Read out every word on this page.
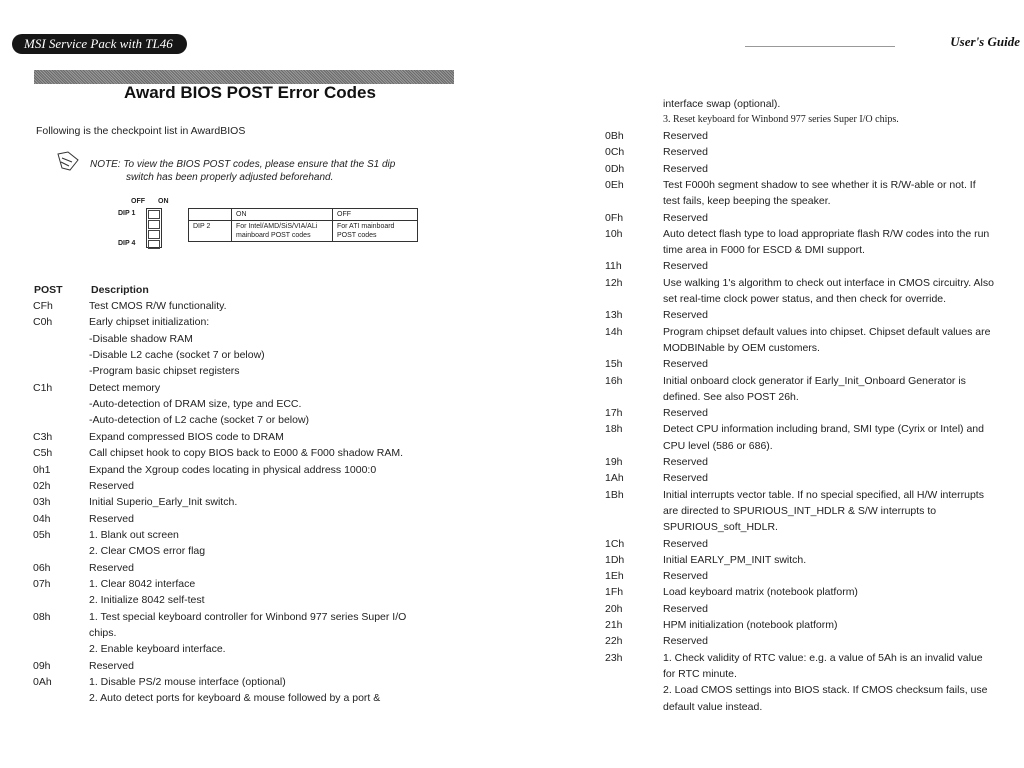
MSI Service Pack with TL46
Award BIOS POST Error Codes
Following is the checkpoint list in AwardBIOS
NOTE: To view the BIOS POST codes, please ensure that the S1 dip
switch has been properly adjusted beforehand.
OFF ON
DIP 1
DIP 4
	ON	OFF
DIP 2	For Intel/AMD/SiS/VIA/ALi mainboard POST codes	For ATI mainboard POST codes
POST	Description
CFh	Test CMOS R/W functionality.
C0h	Early chipset initialization:
-Disable shadow RAM
-Disable L2 cache (socket 7 or below)
-Program basic chipset registers
C1h	Detect memory
-Auto-detection of DRAM size, type and ECC.
-Auto-detection of L2 cache (socket 7 or below)
C3h	Expand compressed BIOS code to DRAM
C5h	Call chipset hook to copy BIOS back to E000 & F000 shadow RAM.
0h1	Expand the Xgroup codes locating in physical address 1000:0
02h	Reserved
03h	Initial Superio_Early_Init switch.
04h	Reserved
05h	1. Blank out screen
2. Clear CMOS error flag
06h	Reserved
07h	1. Clear 8042 interface
2. Initialize 8042 self-test
08h	1. Test special keyboard controller for Winbond 977 series Super I/O
chips.
2. Enable keyboard interface.
09h	Reserved
0Ah	1. Disable PS/2 mouse interface (optional)
2. Auto detect ports for keyboard & mouse followed by a port &
User's Guide
interface swap (optional).
3. Reset keyboard for Winbond 977 series Super I/O chips.
0Bh	Reserved
0Ch	Reserved
0Dh	Reserved
0Eh	Test F000h segment shadow to see whether it is R/W-able or not. If
test fails, keep beeping the speaker.
0Fh	Reserved
10h	Auto detect flash type to load appropriate flash R/W codes into the run
time area in F000 for ESCD & DMI support.
11h	Reserved
12h	Use walking 1's algorithm to check out interface in CMOS circuitry. Also
set real-time clock power status, and then check for override.
13h	Reserved
14h	Program chipset default values into chipset. Chipset default values are
MODBINable by OEM customers.
15h	Reserved
16h	Initial onboard clock generator if Early_Init_Onboard Generator is
defined. See also POST 26h.
17h	Reserved
18h	Detect CPU information including brand, SMI type (Cyrix or Intel) and
CPU level (586 or 686).
19h	Reserved
1Ah	Reserved
1Bh	Initial interrupts vector table. If no special specified, all H/W interrupts
are directed to SPURIOUS_INT_HDLR & S/W interrupts to
SPURIOUS_soft_HDLR.
1Ch	Reserved
1Dh	Initial EARLY_PM_INIT switch.
1Eh	Reserved
1Fh	Load keyboard matrix (notebook platform)
20h	Reserved
21h	HPM initialization (notebook platform)
22h	Reserved
23h	1. Check validity of RTC value: e.g. a value of 5Ah is an invalid value
for RTC minute.
2. Load CMOS settings into BIOS stack. If CMOS checksum fails, use
default value instead.
